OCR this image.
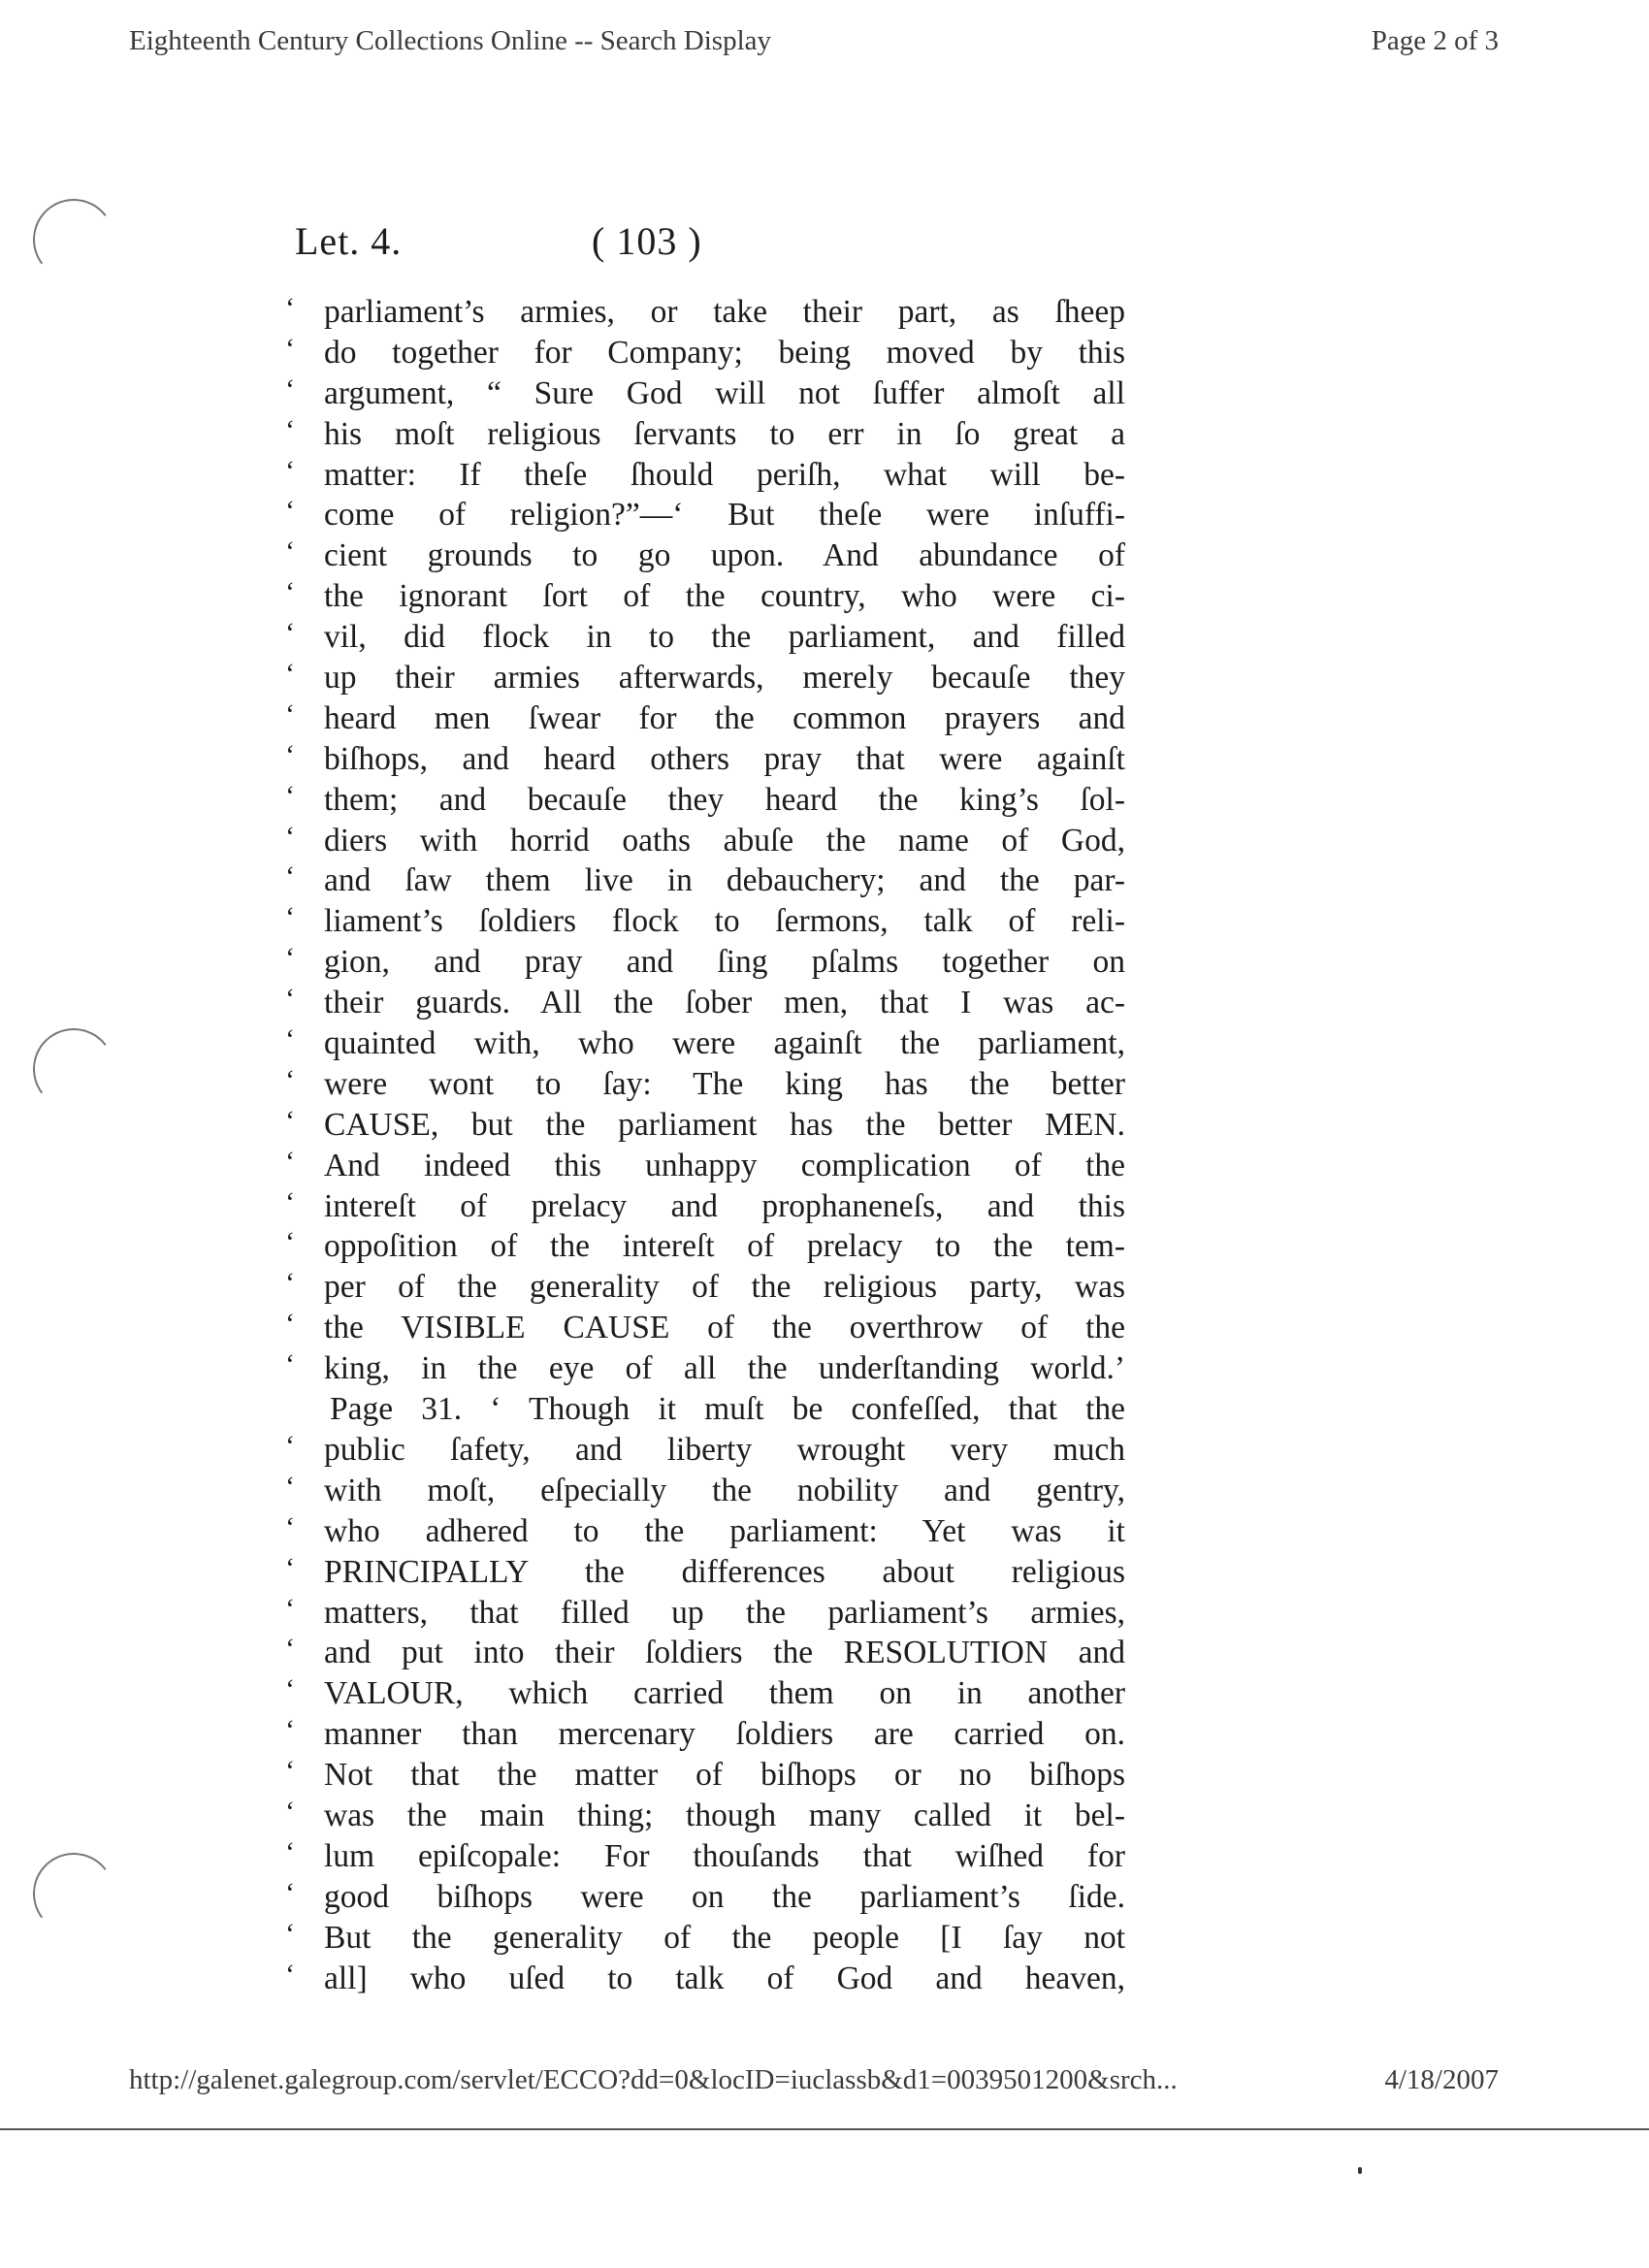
Eighteenth Century Collections Online -- Search Display	Page 2 of 3
Let. 4.	( 103 )
‘ parliament’s armies, or take their part, as ſheep
‘ do together for Company; being moved by this
‘ argument, “ Sure God will not ſuffer almoſt all
‘ his moſt religious ſervants to err in ſo great a
‘ matter: If theſe ſhould periſh, what will be-
‘ come of religion?”—‘ But theſe were inſuffi-
‘ cient grounds to go upon. And abundance of
‘ the ignorant ſort of the country, who were ci-
‘ vil, did flock in to the parliament, and filled
‘ up their armies afterwards, merely becauſe they
‘ heard men ſwear for the common prayers and
‘ biſhops, and heard others pray that were againſt
‘ them; and becauſe they heard the king’s ſol-
‘ diers with horrid oaths abuſe the name of God,
‘ and ſaw them live in debauchery; and the par-
‘ liament’s ſoldiers flock to ſermons, talk of reli-
‘ gion, and pray and ſing pſalms together on
‘ their guards. All the ſober men, that I was ac-
‘ quainted with, who were againſt the parliament,
‘ were wont to ſay: The king has the better
‘ CAUSE, but the parliament has the better MEN.
‘ And indeed this unhappy complication of the
‘ intereſt of prelacy and prophaneneſs, and this
‘ oppoſition of the intereſt of prelacy to the tem-
‘ per of the generality of the religious party, was
‘ the VISIBLE CAUSE of the overthrow of the
‘ king, in the eye of all the underſtanding world.’
Page 31. ‘ Though it muſt be confeſſed, that the
‘ public ſafety, and liberty wrought very much
‘ with moſt, eſpecially the nobility and gentry,
‘ who adhered to the parliament: Yet was it
‘ PRINCIPALLY the differences about religious
‘ matters, that filled up the parliament’s armies,
‘ and put into their ſoldiers the RESOLUTION and
‘ VALOUR, which carried them on in another
‘ manner than mercenary ſoldiers are carried on.
‘ Not that the matter of biſhops or no biſhops
‘ was the main thing; though many called it bel-
‘ lum epiſcopale: For thouſands that wiſhed for
‘ good biſhops were on the parliament’s ſide.
‘ But the generality of the people [I ſay not
‘ all] who uſed to talk of God and heaven,
http://galenet.galegroup.com/servlet/ECCO?dd=0&locID=iuclassb&d1=0039501200&srch...	4/18/2007
